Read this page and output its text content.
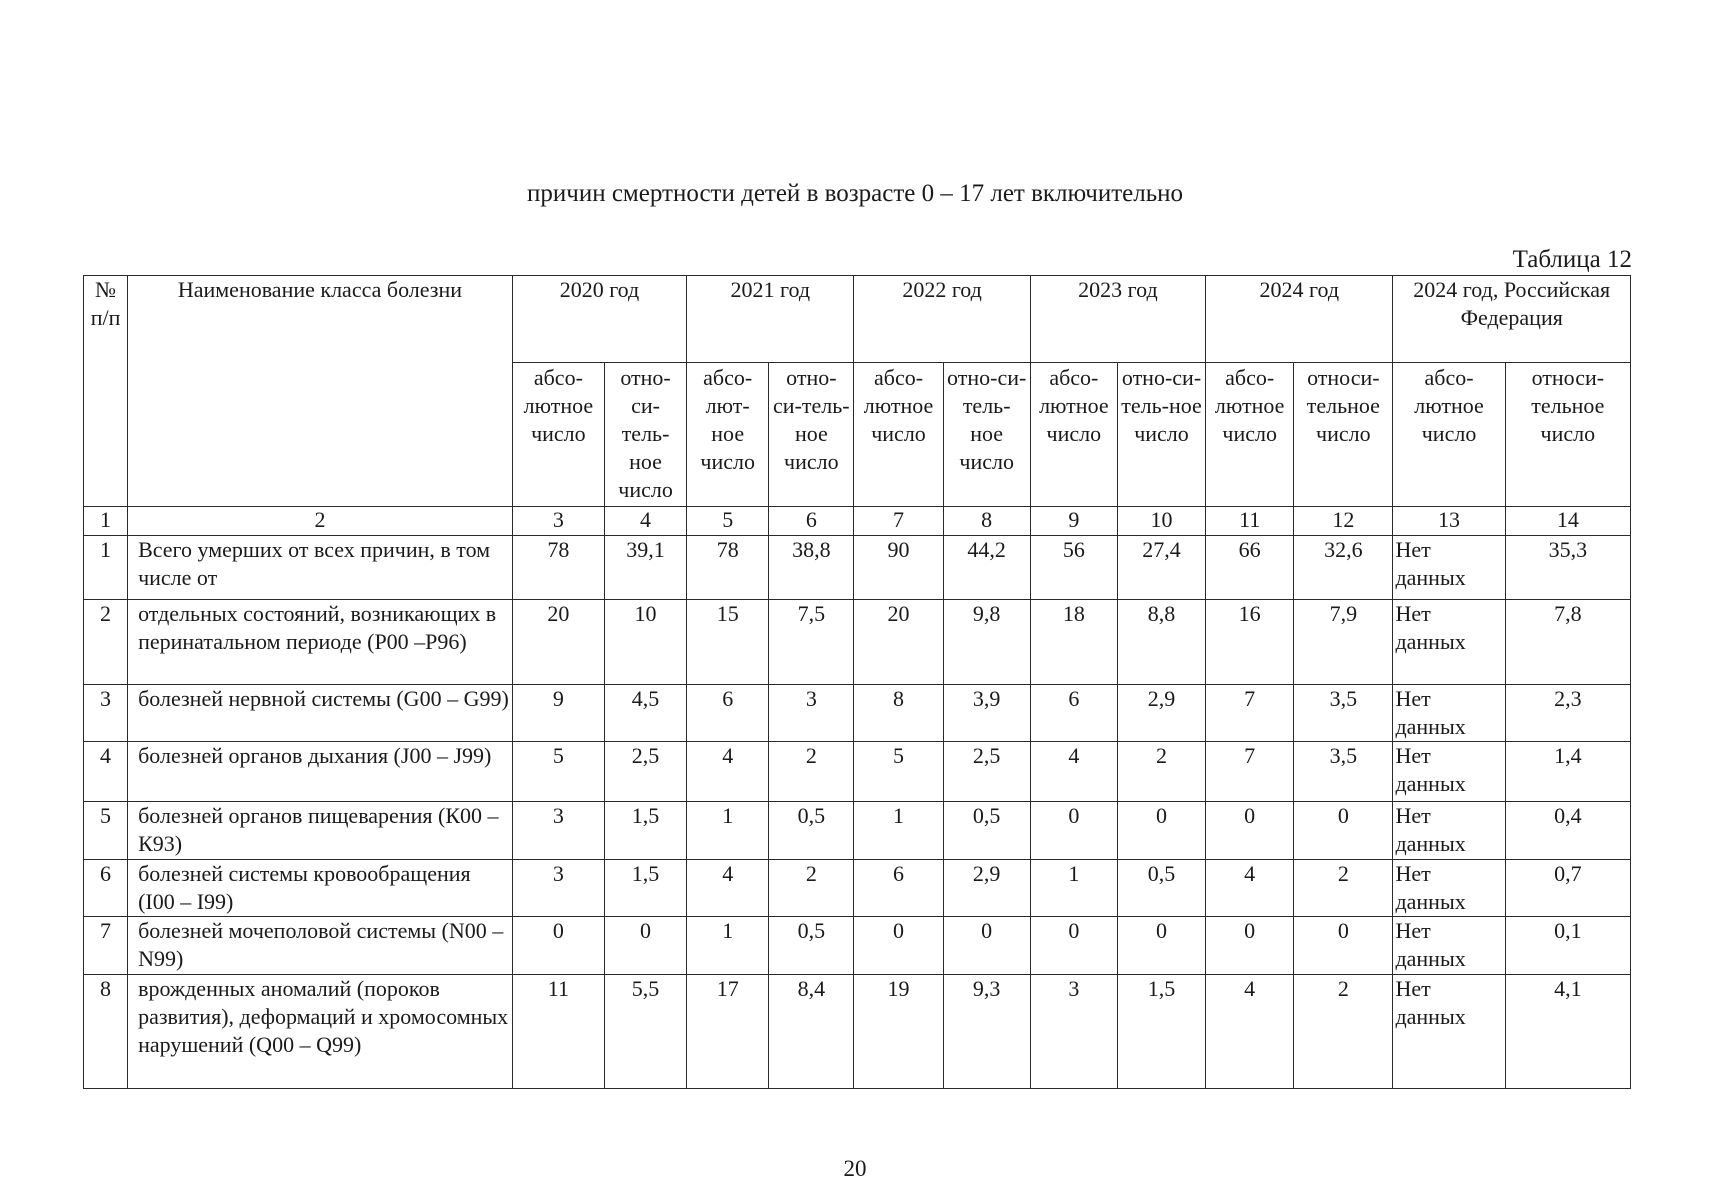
причин смертности детей в возрасте 0 – 17 лет включительно
Таблица 12
№ п/п	Наименование класса болезни	2020 год		2021 год		2022 год		2023 год		2024 год		2024 год, Российская Федерация	
		абсо-лютное число	отно-си-тель-ное число	абсо-лют-ное число	отно-си-тель-ное число	абсо-лютное число	отно-си-тель-ное число	абсо-лютное число	отно-си-тель-ное число	абсо-лютное число	относи-тельное число	абсо-лютное число	относи-тельное число
1	2	3	4	5	6	7	8	9	10	11	12	13	14
1	Всего умерших от всех причин, в том числе от	78	39,1	78	38,8	90	44,2	56	27,4	66	32,6	Нет данных	35,3
2	отдельных состояний, возникающих в перинатальном периоде (Р00 –Р96)	20	10	15	7,5	20	9,8	18	8,8	16	7,9	Нет данных	7,8
3	болезней нервной системы (G00 – G99)	9	4,5	6	3	8	3,9	6	2,9	7	3,5	Нет данных	2,3
4	болезней органов дыхания (J00 – J99)	5	2,5	4	2	5	2,5	4	2	7	3,5	Нет данных	1,4
5	болезней органов пищеварения (К00 – К93)	3	1,5	1	0,5	1	0,5	0	0	0	0	Нет данных	0,4
6	болезней системы кровообращения (I00 – I99)	3	1,5	4	2	6	2,9	1	0,5	4	2	Нет данных	0,7
7	болезней мочеполовой системы (N00 – N99)	0	0	1	0,5	0	0	0	0	0	0	Нет данных	0,1
8	врожденных аномалий (пороков развития), деформаций и хромосомных нарушений (Q00 – Q99)	11	5,5	17	8,4	19	9,3	3	1,5	4	2	Нет данных	4,1
20
